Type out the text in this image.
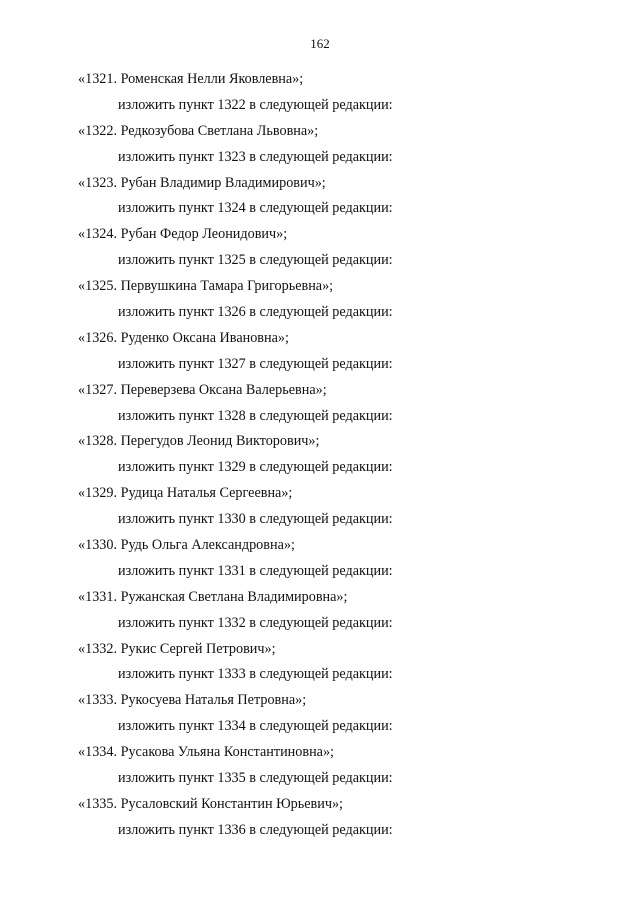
162
«1321. Роменская Нелли Яковлевна»;
изложить пункт 1322 в следующей редакции:
«1322. Редкозубова Светлана Львовна»;
изложить пункт 1323 в следующей редакции:
«1323. Рубан Владимир Владимирович»;
изложить пункт 1324 в следующей редакции:
«1324. Рубан Федор Леонидович»;
изложить пункт 1325 в следующей редакции:
«1325. Первушкина Тамара Григорьевна»;
изложить пункт 1326 в следующей редакции:
«1326. Руденко Оксана Ивановна»;
изложить пункт 1327 в следующей редакции:
«1327. Переверзева Оксана Валерьевна»;
изложить пункт 1328 в следующей редакции:
«1328. Перегудов Леонид Викторович»;
изложить пункт 1329 в следующей редакции:
«1329. Рудица Наталья Сергеевна»;
изложить пункт 1330 в следующей редакции:
«1330. Рудь Ольга Александровна»;
изложить пункт 1331 в следующей редакции:
«1331. Ружанская Светлана Владимировна»;
изложить пункт 1332 в следующей редакции:
«1332. Рукис Сергей Петрович»;
изложить пункт 1333 в следующей редакции:
«1333. Рукосуева Наталья Петровна»;
изложить пункт 1334 в следующей редакции:
«1334. Русакова Ульяна Константиновна»;
изложить пункт 1335 в следующей редакции:
«1335. Русаловский Константин Юрьевич»;
изложить пункт 1336 в следующей редакции:
